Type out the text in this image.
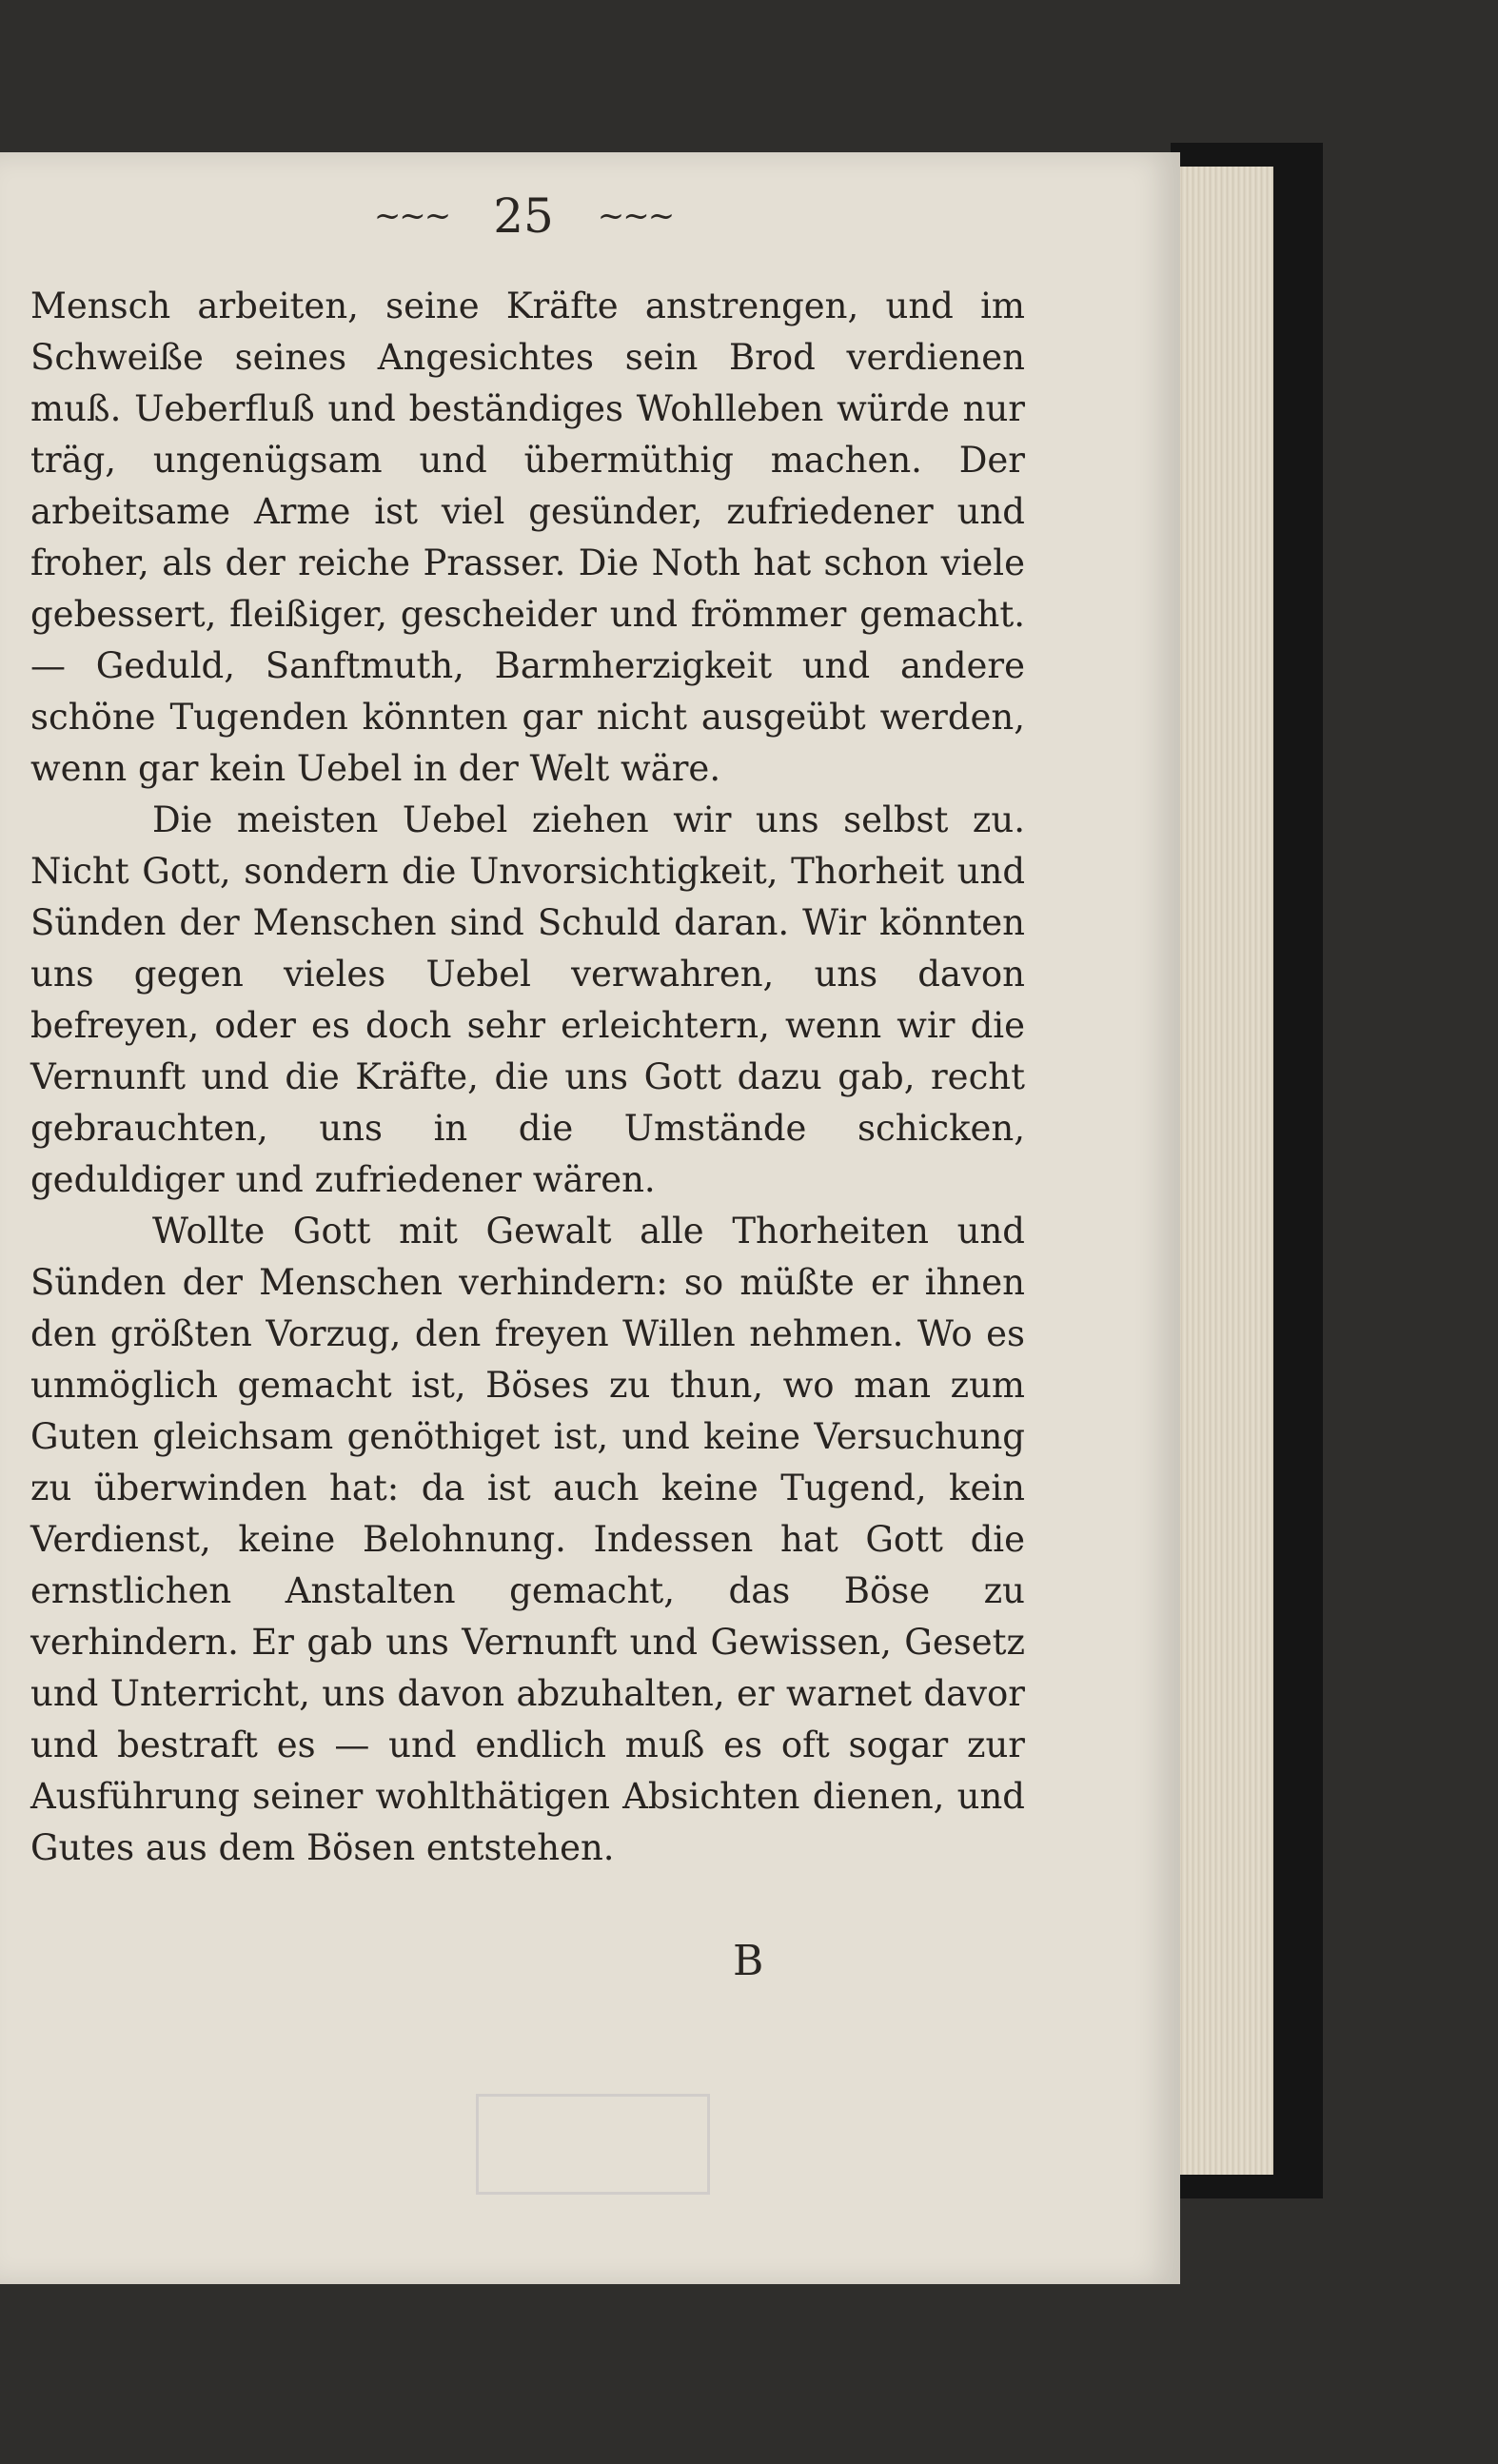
~~~ 25 ~~~

Mensch arbeiten, seine Kräfte anstrengen, und im Schweiße seines Angesichtes sein Brod verdienen muß. Ueberfluß und beständiges Wohlleben würde nur träg, ungenügsam und übermüthig machen. Der arbeitsame Arme ist viel gesünder, zufriedener und froher, als der reiche Prasser. Die Noth hat schon viele gebessert, fleißiger, gescheider und frömmer gemacht. — Geduld, Sanftmuth, Barmherzigkeit und andere schöne Tugenden könnten gar nicht ausgeübt werden, wenn gar kein Uebel in der Welt wäre.

Die meisten Uebel ziehen wir uns selbst zu. Nicht Gott, sondern die Unvorsichtigkeit, Thorheit und Sünden der Menschen sind Schuld daran. Wir könnten uns gegen vieles Uebel verwahren, uns davon befreyen, oder es doch sehr erleichtern, wenn wir die Vernunft und die Kräfte, die uns Gott dazu gab, recht gebrauchten, uns in die Umstände schicken, geduldiger und zufriedener wären.

Wollte Gott mit Gewalt alle Thorheiten und Sünden der Menschen verhindern: so müßte er ihnen den größten Vorzug, den freyen Willen nehmen. Wo es unmöglich gemacht ist, Böses zu thun, wo man zum Guten gleichsam genöthiget ist, und keine Versuchung zu überwinden hat: da ist auch keine Tugend, kein Verdienst, keine Belohnung. Indessen hat Gott die ernstlichen Anstalten gemacht, das Böse zu verhindern. Er gab uns Vernunft und Gewissen, Gesetz und Unterricht, uns davon abzuhalten, er warnet davor und bestraft es — und endlich muß es oft sogar zur Ausführung seiner wohlthätigen Absichten dienen, und Gutes aus dem Bösen entstehen.

B
